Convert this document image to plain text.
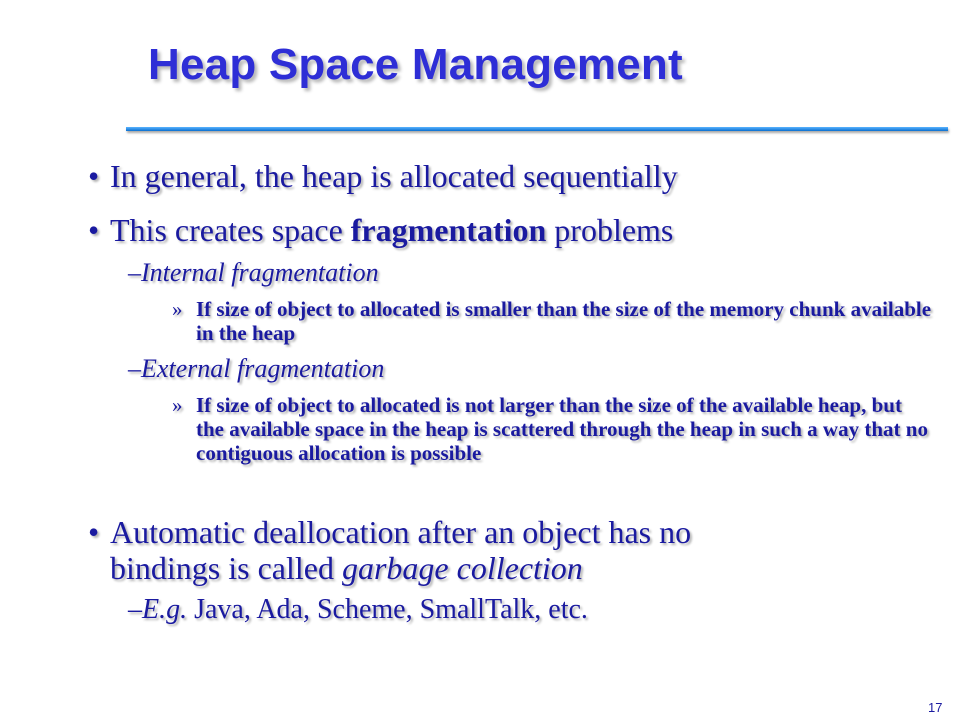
Heap Space Management
• In general, the heap is allocated sequentially
• This creates space fragmentation problems
–Internal fragmentation
» If size of object to allocated is smaller than the size of the memory chunk available in the heap
–External fragmentation
» If size of object to allocated is not larger than the size of the available heap, but the available space in the heap is scattered through the heap in such a way that no contiguous allocation is possible
• Automatic deallocation after an object has no
bindings is called garbage collection
–E.g. Java, Ada, Scheme, SmallTalk, etc.
17
